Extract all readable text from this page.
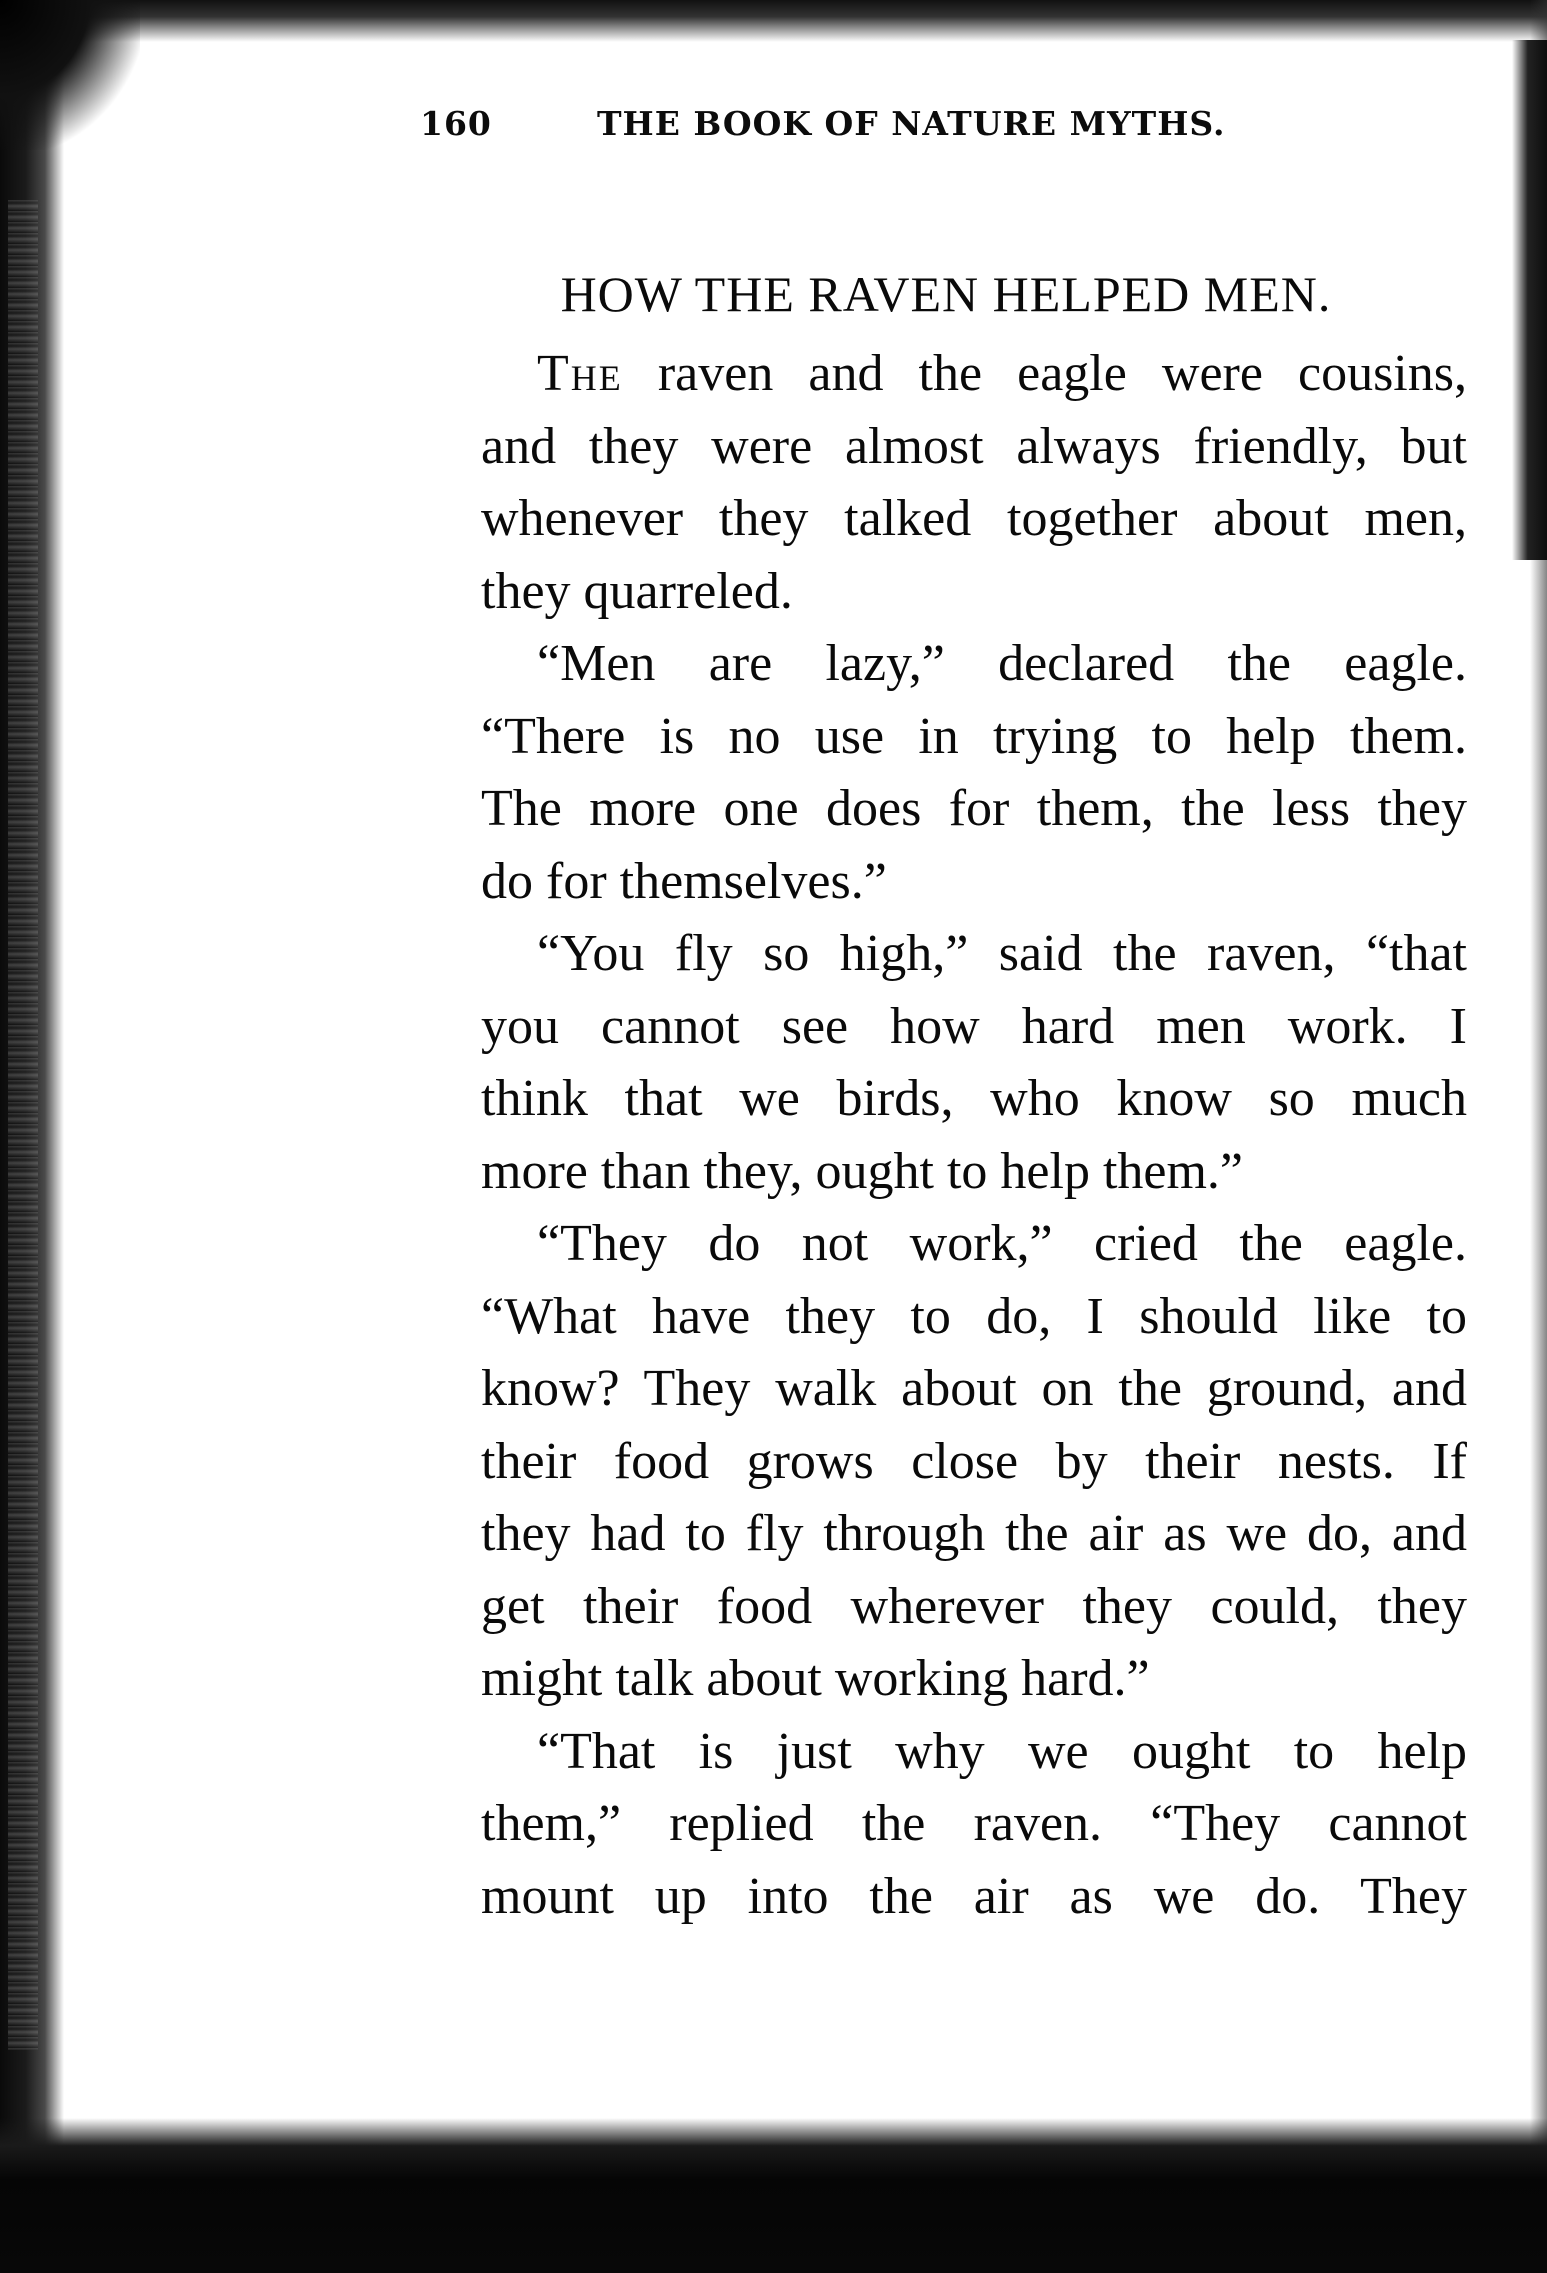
160	THE BOOK OF NATURE MYTHS.
HOW THE RAVEN HELPED MEN.
The raven and the eagle were cousins,
and they were almost always friendly, but
whenever they talked together about men,
they quarreled.
“Men are lazy,” declared the eagle.
“There is no use in trying to help them.
The more one does for them, the less they
do for themselves.”
“You fly so high,” said the raven, “that
you cannot see how hard men work. I
think that we birds, who know so much
more than they, ought to help them.”
“They do not work,” cried the eagle.
“What have they to do, I should like to
know? They walk about on the ground, and
their food grows close by their nests. If
they had to fly through the air as we do, and
get their food wherever they could, they
might talk about working hard.”
“That is just why we ought to help
them,” replied the raven. “They cannot
mount up into the air as we do. They
